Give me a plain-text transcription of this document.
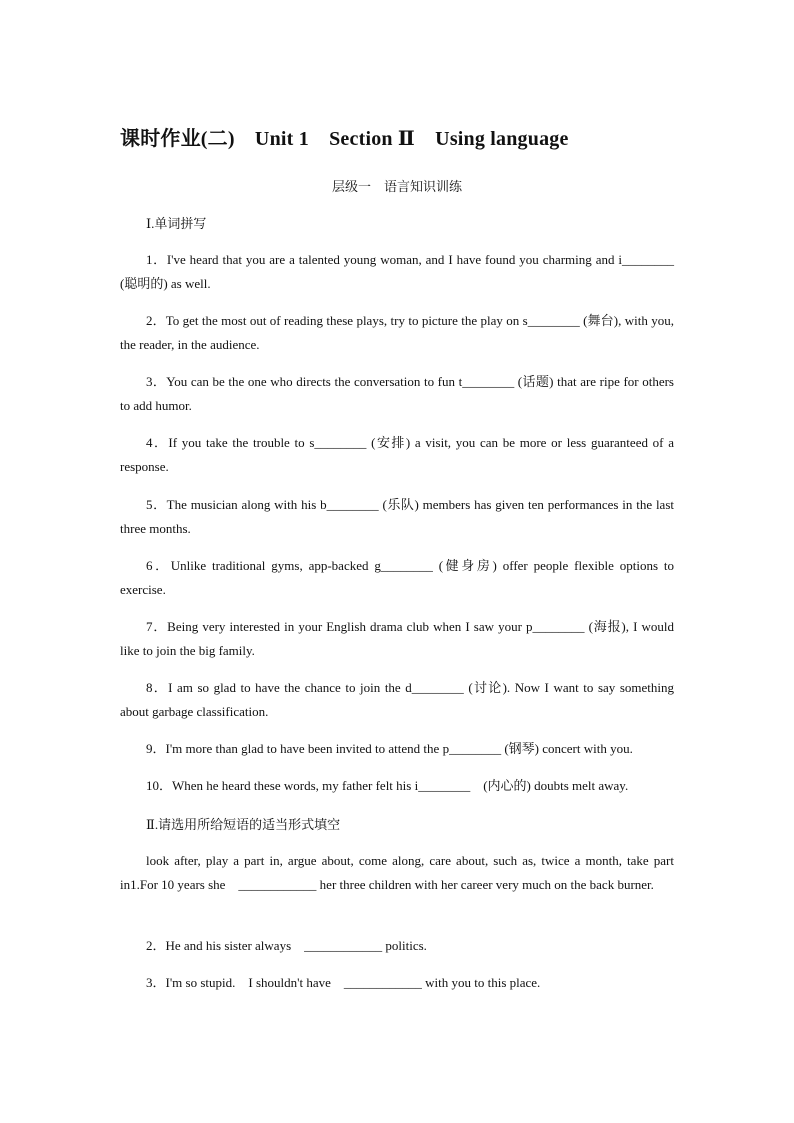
课时作业(二)　Unit 1　Section Ⅱ　Using language
层级一　语言知识训练
Ⅰ.单词拼写
1．I've heard that you are a talented young woman, and I have found you charming and i________ (聪明的) as well.
2．To get the most out of reading these plays, try to picture the play on s________ (舞台), with you, the reader, in the audience.
3．You can be the one who directs the conversation to fun t________ (话题) that are ripe for others to add humor.
4．If you take the trouble to s________ (安排) a visit, you can be more or less guaranteed of a response.
5．The musician along with his b________ (乐队) members has given ten performances in the last three months.
6．Unlike traditional gyms, app-backed g________ (健身房) offer people flexible options to exercise.
7．Being very interested in your English drama club when I saw your p________ (海报), I would like to join the big family.
8．I am so glad to have the chance to join the d________ (讨论). Now I want to say something about garbage classification.
9．I'm more than glad to have been invited to attend the p________ (钢琴) concert with you.
10．When he heard these words, my father felt his i________　(内心的) doubts melt away.
Ⅱ.请选用所给短语的适当形式填空
look after, play a part in, argue about, come along, care about, such as, twice a month, take part in1.For 10 years she　____________ her three children with her career very much on the back burner.
2．He and his sister always　____________ politics.
3．I'm so stupid.　I shouldn't have　____________ with you to this place.
